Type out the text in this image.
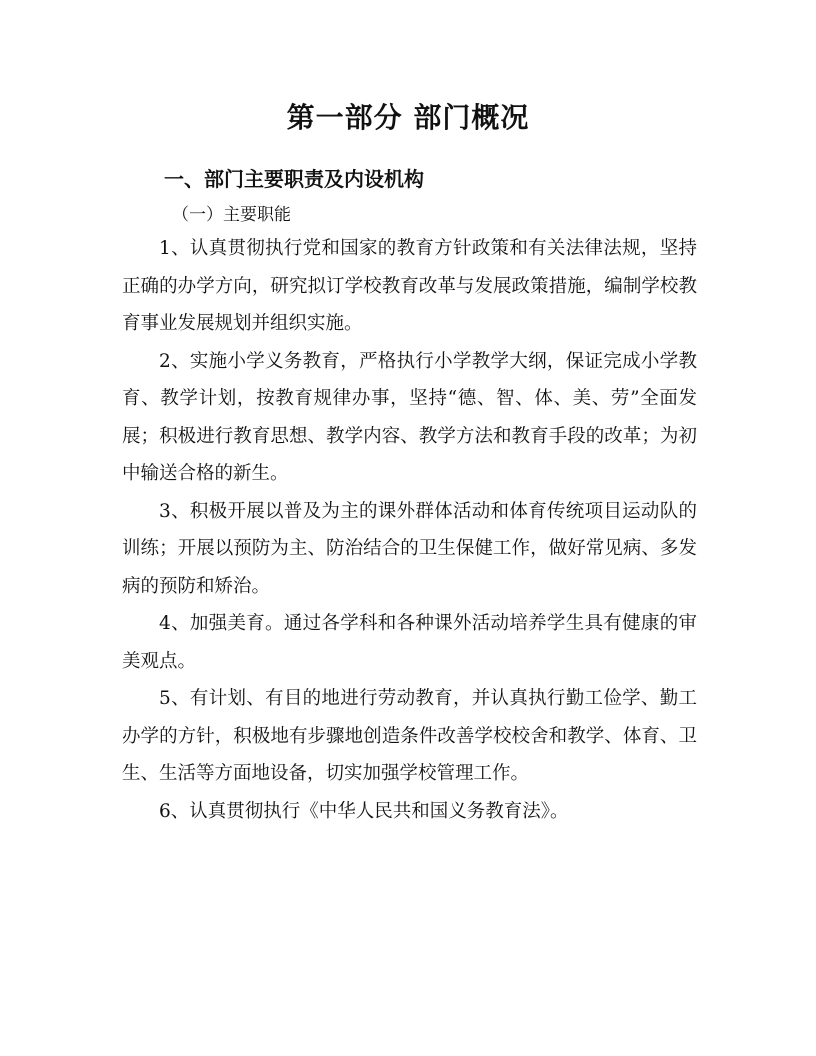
第一部分 部门概况
一、部门主要职责及内设机构
（一）主要职能

1、认真贯彻执行党和国家的教育方针政策和有关法律法规，坚持正确的办学方向，研究拟订学校教育改革与发展政策措施，编制学校教育事业发展规划并组织实施。

2、实施小学义务教育，严格执行小学教学大纲，保证完成小学教育、教学计划，按教育规律办事，坚持“德、智、体、美、劳”全面发展；积极进行教育思想、教学内容、教学方法和教育手段的改革；为初中输送合格的新生。

3、积极开展以普及为主的课外群体活动和体育传统项目运动队的训练；开展以预防为主、防治结合的卫生保健工作，做好常见病、多发病的预防和矫治。

4、加强美育。通过各学科和各种课外活动培养学生具有健康的审美观点。

5、有计划、有目的地进行劳动教育，并认真执行勤工俭学、勤工办学的方针，积极地有步骤地创造条件改善学校校舍和教学、体育、卫生、生活等方面地设备，切实加强学校管理工作。

6、认真贯彻执行《中华人民共和国义务教育法》。
